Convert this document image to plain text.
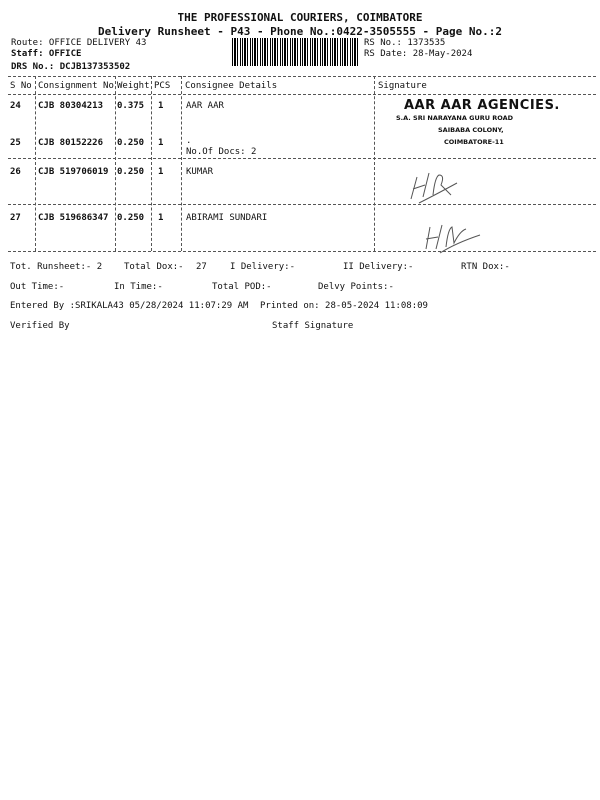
THE PROFESSIONAL COURIERS, COIMBATORE
Delivery Runsheet - P43 - Phone No.:0422-3505555 - Page No.:2
Route: OFFICE DELIVERY 43
Staff: OFFICE
DRS No.: DCJB137353502
RS No.: 1373535
RS Date: 28-May-2024
S No Consignment No Weight PCS Consignee Details	Signature
24 CJB 80304213 0.375 1	AAR AAR
25 CJB 80152226 0.250 1	.
No.Of Docs: 2
26 CJB 519706019 0.250 1	KUMAR
27 CJB 519686347 0.250 1	ABIRAMI SUNDARI
AAR AAR AGENCIES.
S.A. SRI NARAYANA GURU ROAD
SAIBABA COLONY,
COIMBATORE-11
Tot. Runsheet:- 2 Total Dox:- 27	I Delivery:-	II Delivery:-	RTN Dox:-
Out Time:-	In Time:-	Total POD:-	Delvy Points:-
Entered By :SRIKALA43 05/28/2024 11:07:29 AM Printed on: 28-05-2024 11:08:09
Verified By	Staff Signature
